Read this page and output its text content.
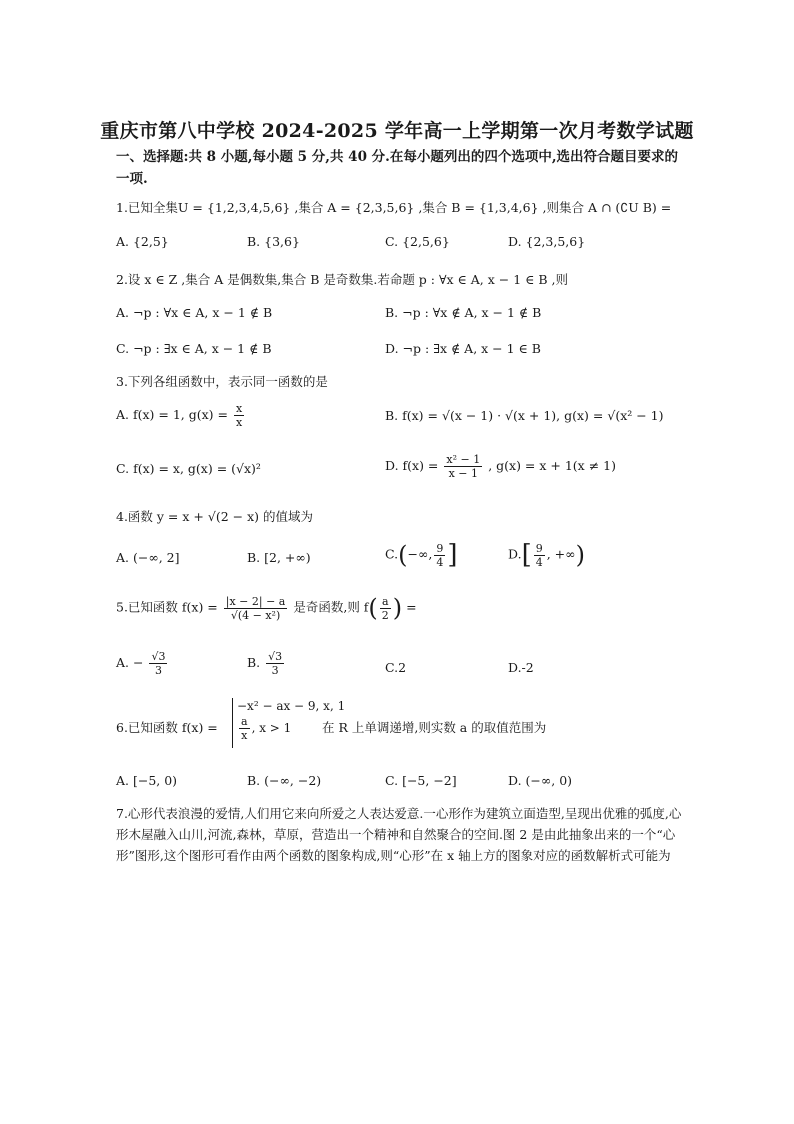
重庆市第八中学校 2024-2025 学年高一上学期第一次月考数学试题
一、选择题:共 8 小题,每小题 5 分,共 40 分.在每小题列出的四个选项中,选出符合题目要求的一项.
1.已知全集U = {1,2,3,4,5,6} ,集合 A = {2,3,5,6} ,集合 B = {1,3,4,6} ,则集合 A ∩ (∁U B) =
A. {2,5}	B. {3,6}	C. {2,5,6}	D. {2,3,5,6}
2.设 x ∈ Z ,集合 A 是偶数集,集合 B 是奇数集.若命题 p : ∀x ∈ A, x − 1 ∈ B ,则
A. ¬p : ∀x ∈ A, x − 1 ∉ B	B. ¬p : ∀x ∉ A, x − 1 ∉ B
C. ¬p : ∃x ∈ A, x − 1 ∉ B	D. ¬p : ∃x ∉ A, x − 1 ∈ B
3.下列各组函数中，表示同一函数的是
A. f(x) = 1, $g(x) = \frac{x}{x}$	B. f(x) = √(x − 1) · √(x + 1), g(x) = √(x² − 1)
C. f(x) = x, g(x) = (√x)²	D. $f(x) = \frac{\text{x² − 1}}{x - 1}$ , g(x) = x + 1(x ≠ 1)
4.函数 y = x + √(2 − x) 的值域为
A. (−∞, 2]	B. [2, +∞)	C.(−∞, $\frac{9}{4}$ ]	$D.[ \frac{9}{4}$ , +∞)
5.已知函数 $f(x) = \frac{|x - 2| - a}{\text{√(4 − x²)}}$ 是奇函数,则 $f( \frac{a}{2}$ ) =
A. − $\frac{√3}{3}$	B. $\frac{√3}{3}$	C.2	D.-2
6.已知函数 f(x) =
−x² − ax − 9, x, 1
$\frac{a}{x}$ , x > 1	在 R 上单调递增,则实数 a 的取值范围为
A. [−5, 0)	B. (−∞, −2)	C. [−5, −2]	D. (−∞, 0)
7.心形代表浪漫的爱情,人们用它来向所爱之人表达爱意.一心形作为建筑立面造型,呈现出优雅的弧度,心形木屋融入山川,河流,森林，草原，营造出一个精神和自然聚合的空间.图 2 是由此抽象出来的一个“心形”图形,这个图形可看作由两个函数的图象构成,则“心形”在 x 轴上方的图象对应的函数解析式可能为
